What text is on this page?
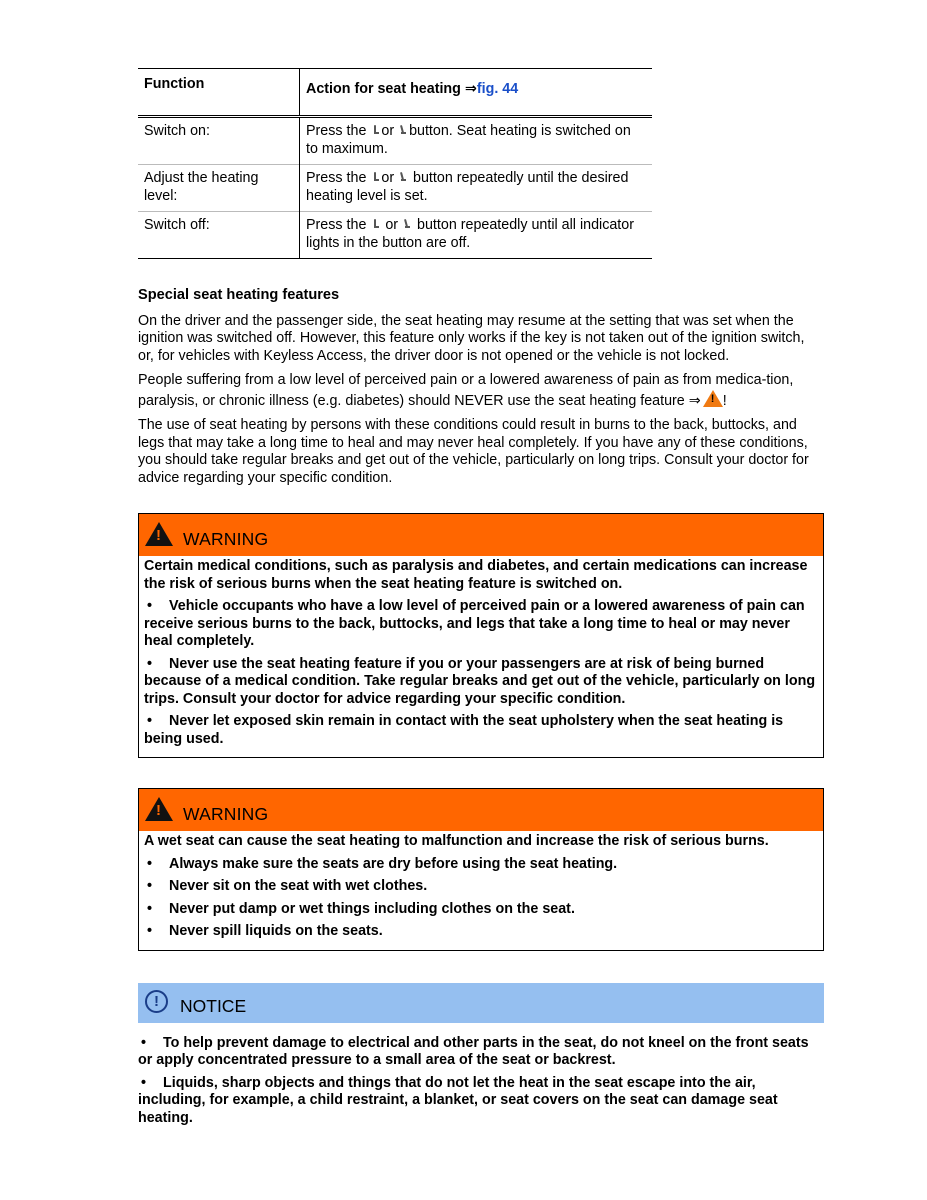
Function	Action for seat heating ⇒fig. 44
Switch on:	Press the or button. Seat heating is switched on to maximum.
Adjust the heating level:	Press the or  button repeatedly until the desired heating level is set.
Switch off:	Press the  or  button repeatedly until all indicator lights in the button are off.
Special seat heating features

On the driver and the passenger side, the seat heating may resume at the setting that was set when the ignition was switched off. However, this feature only works if the key is not taken out of the ignition switch, or, for vehicles with Keyless Access, the driver door is not opened or the vehicle is not locked.

People suffering from a low level of perceived pain or a lowered awareness of pain as from medica-tion, paralysis, or chronic illness (e.g. diabetes) should NEVER use the seat heating feature ⇒ ! !

The use of seat heating by persons with these conditions could result in burns to the back, buttocks, and legs that may take a long time to heal and may never heal completely. If you have any of these conditions, you should take regular breaks and get out of the vehicle, particularly on long trips. Consult your doctor for advice regarding your specific condition.

!
WARNING

Certain medical conditions, such as paralysis and diabetes, and certain medications can increase the risk of serious burns when the seat heating feature is switched on.

• Vehicle occupants who have a low level of perceived pain or a lowered awareness of pain can receive serious burns to the back, buttocks, and legs that take a long time to heal or may never heal completely.

• Never use the seat heating feature if you or your passengers are at risk of being burned because of a medical condition. Take regular breaks and get out of the vehicle, particularly on long trips. Consult your doctor for advice regarding your specific condition.

• Never let exposed skin remain in contact with the seat upholstery when the seat heating is being used.

!
WARNING

A wet seat can cause the seat heating to malfunction and increase the risk of serious burns.

• Always make sure the seats are dry before using the seat heating.

• Never sit on the seat with wet clothes.

• Never put damp or wet things including clothes on the seat.

• Never spill liquids on the seats.

!	NOTICE

• To help prevent damage to electrical and other parts in the seat, do not kneel on the front seats or apply concentrated pressure to a small area of the seat or backrest.

• Liquids, sharp objects and things that do not let the heat in the seat escape into the air, including, for example, a child restraint, a blanket, or seat covers on the seat can damage seat heating.
